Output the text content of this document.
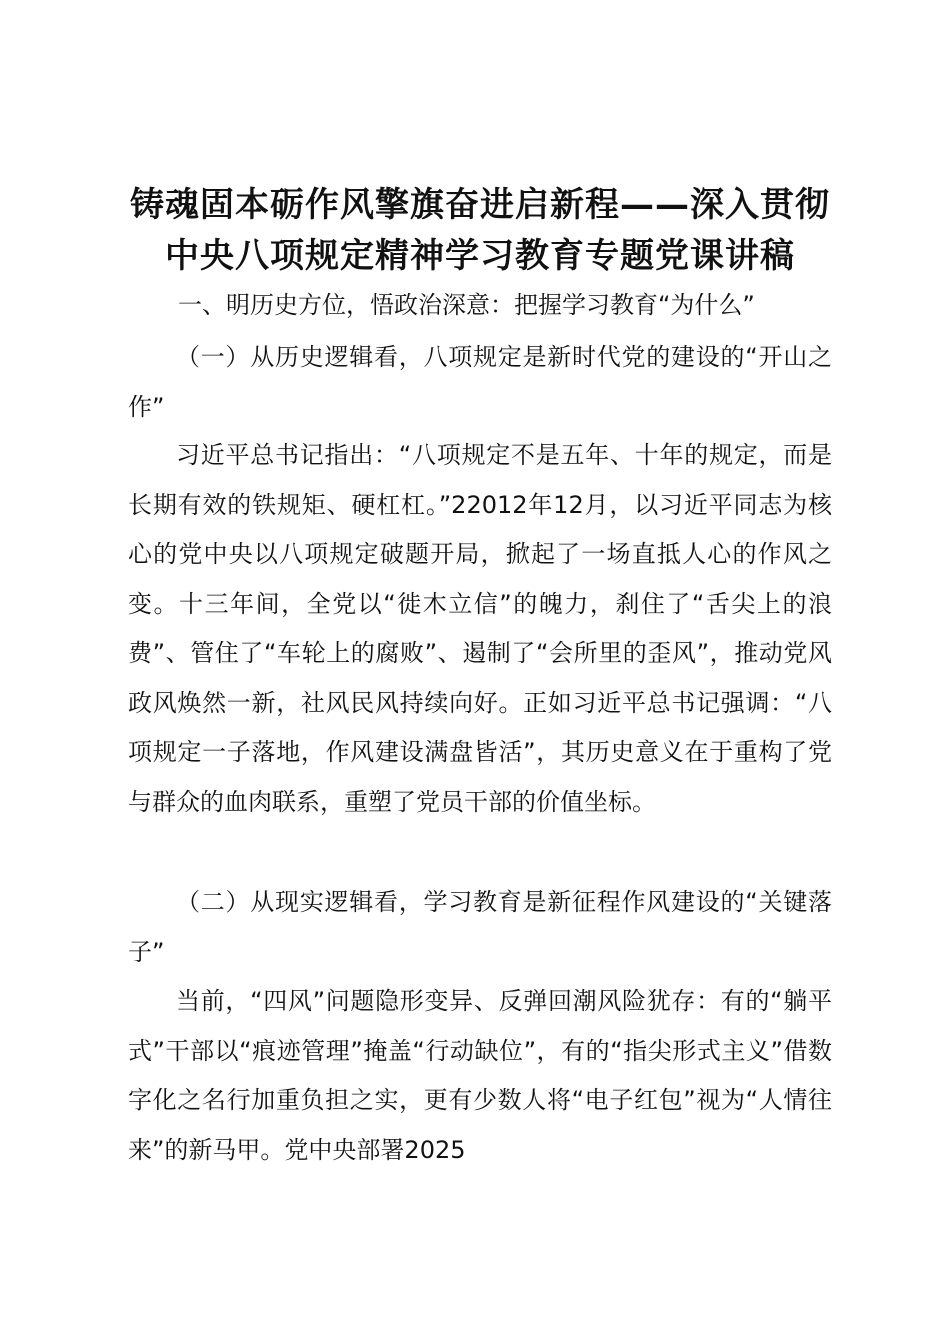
铸魂固本砺作风擎旗奋进启新程——深入贯彻
中央八项规定精神学习教育专题党课讲稿
一、明历史方位，悟政治深意：把握学习教育“为什么”

（一）从历史逻辑看，八项规定是新时代党的建设的“开山之作”

习近平总书记指出：“八项规定不是五年、十年的规定，而是长期有效的铁规矩、硬杠杠。”22012年12月，以习近平同志为核心的党中央以八项规定破题开局，掀起了一场直抵人心的作风之变。十三年间，全党以“徙木立信”的魄力，刹住了“舌尖上的浪费”、管住了“车轮上的腐败”、遏制了“会所里的歪风”，推动党风政风焕然一新，社风民风持续向好。正如习近平总书记强调：“八项规定一子落地，作风建设满盘皆活”，其历史意义在于重构了党与群众的血肉联系，重塑了党员干部的价值坐标。

（二）从现实逻辑看，学习教育是新征程作风建设的“关键落子”

当前，“四风”问题隐形变异、反弹回潮风险犹存：有的“躺平式”干部以“痕迹管理”掩盖“行动缺位”，有的“指尖形式主义”借数字化之名行加重负担之实，更有少数人将“电子红包”视为“人情往来”的新马甲。党中央部署2025
